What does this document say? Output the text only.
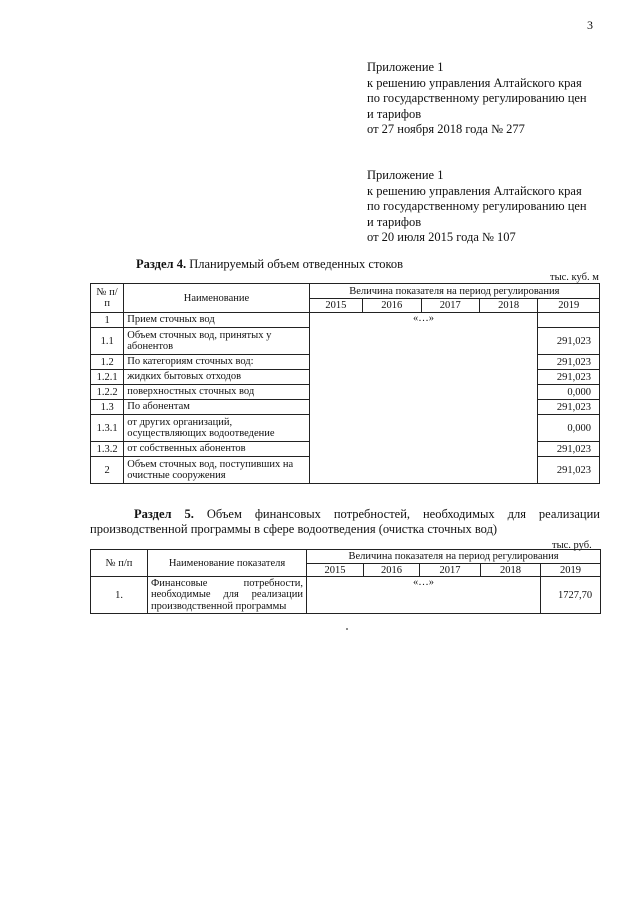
3
Приложение 1
к решению управления Алтайского края
по государственному регулированию цен
и тарифов
от 27 ноября 2018 года № 277
Приложение 1
к решению управления Алтайского края
по государственному регулированию цен
и тарифов
от 20 июля 2015 года № 107
Раздел 4. Планируемый объем отведенных стоков
тыс. куб. м
№ п/п	Наименование	Величина показателя на период регулирования				
		2015	2016	2017	2018	2019
1	Прием сточных вод	«…»				
1.1	Объем сточных вод, принятых у абонентов					291,023
1.2	По категориям сточных вод:					291,023
1.2.1	жидких бытовых отходов					291,023
1.2.2	поверхностных сточных вод					0,000
1.3	По абонентам					291,023
1.3.1	от других организаций, осуществляющих водоотведение					0,000
1.3.2	от собственных абонентов					291,023
2	Объем сточных вод, поступивших на очистные сооружения					291,023
Раздел 5. Объем финансовых потребностей, необходимых для реализации производственной программы в сфере водоотведения (очистка сточных вод)
тыс. руб.
№ п/п	Наименование показателя	Величина показателя на период регулирования				
		2015	2016	2017	2018	2019
1.	Финансовые потребности, необходимые для реализации производственной программы	«…»				1727,70
